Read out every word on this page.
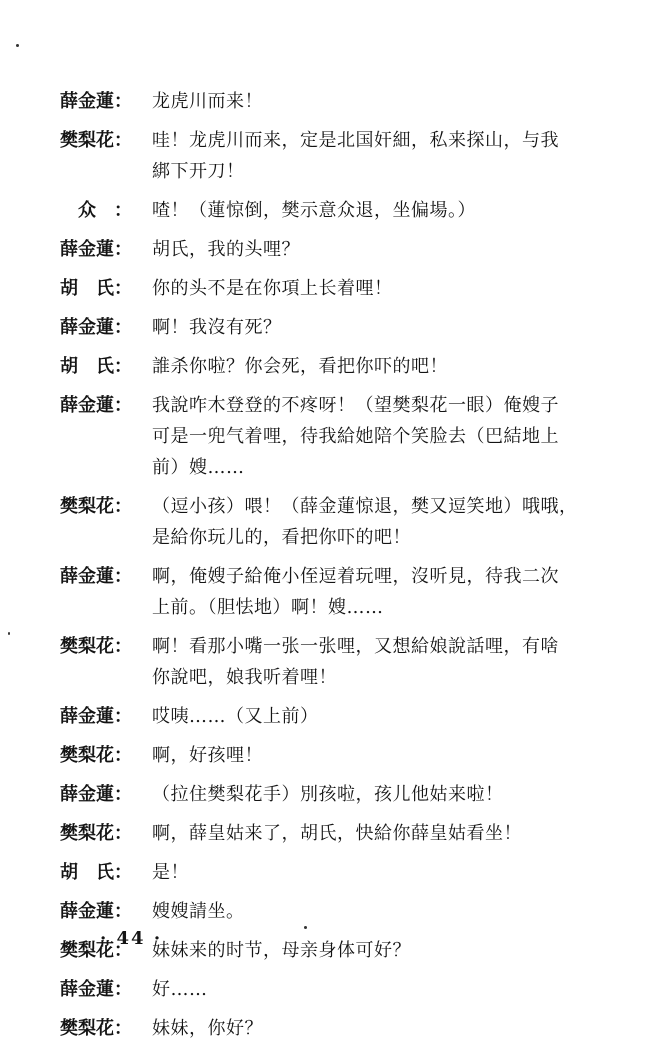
薛金蓮：	龙虎川而来！
樊梨花：	哇！龙虎川而来，定是北国奸細，私来探山，与我
綁下开刀！
众　：	喳！（蓮惊倒，樊示意众退，坐偏場。）
薛金蓮：	胡氏，我的头哩？
胡　氏：	你的头不是在你項上长着哩！
薛金蓮：	啊！我沒有死？
胡　氏：	誰杀你啦？你会死，看把你吓的吧！
薛金蓮：	我說咋木登登的不疼呀！（望樊梨花一眼）俺嫂子
可是一兜气着哩，待我給她陪个笑脸去（巴結地上
前）嫂……
樊梨花：	（逗小孩）喂！（薛金蓮惊退，樊又逗笑地）哦哦，
是給你玩儿的，看把你吓的吧！
薛金蓮：	啊，俺嫂子給俺小侄逗着玩哩，沒听見，待我二次
上前。（胆怯地）啊！嫂……
樊梨花：	啊！看那小嘴一张一张哩，又想給娘說話哩，有啥
你說吧，娘我听着哩！
薛金蓮：	哎咦……（又上前）
樊梨花：	啊，好孩哩！
薛金蓮：	（拉住樊梨花手）別孩啦，孩儿他姑来啦！
樊梨花：	啊，薛皇姑来了，胡氏，快給你薛皇姑看坐！
胡　氏：	是！
薛金蓮：	嫂嫂請坐。
樊梨花：	妹妹来的时节，母亲身体可好？
薛金蓮：	好……
樊梨花：	妹妹，你好？
· 44 ·
